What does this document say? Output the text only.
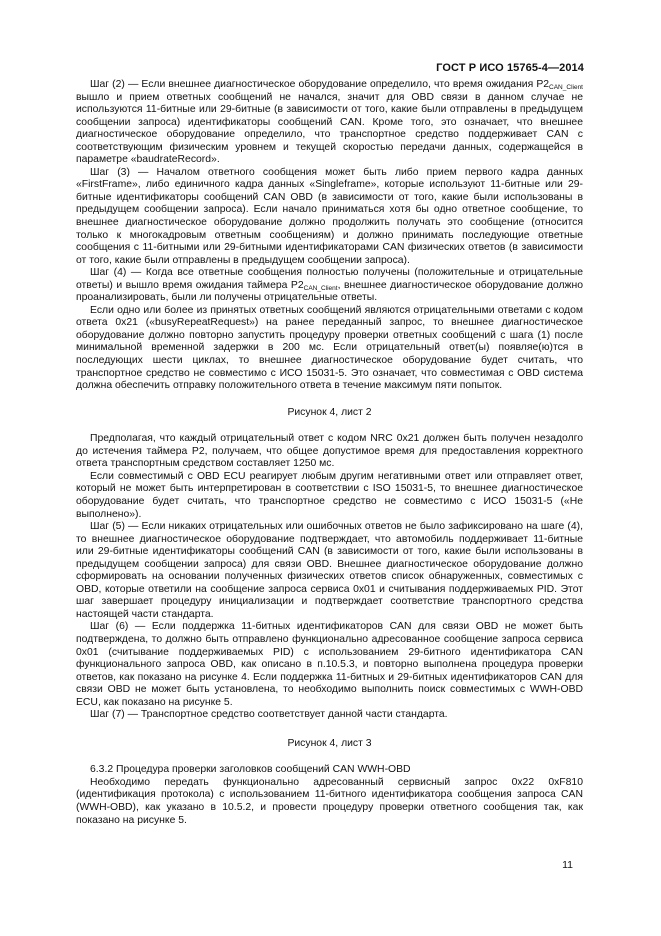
ГОСТ Р ИСО 15765-4—2014

Шаг (2) — Если внешнее диагностическое оборудование определило, что время ожидания $P2_{CAN\_Client}$ вышло и прием ответных сообщений не начался, значит для OBD связи в данном случае не используются 11-битные или 29-битные (в зависимости от того, какие были отправлены в предыдущем сообщении запроса) идентификаторы сообщений CAN. Кроме того, это означает, что внешнее диагностическое оборудование определило, что транспортное средство поддерживает CAN с соответствующим физическим уровнем и текущей скоростью передачи данных, содержащейся в параметре «baudrateRecord».

Шаг (3) — Началом ответного сообщения может быть либо прием первого кадра данных «FirstFrame», либо единичного кадра данных «Singleframe», которые используют 11-битные или 29-битные идентификаторы сообщений CAN OBD (в зависимости от того, какие были использованы в предыдущем сообщении запроса). Если начало приниматься хотя бы одно ответное сообщение, то внешнее диагностическое оборудование должно продолжить получать это сообщение (относится только к многокадровым ответным сообщениям) и должно принимать последующие ответные сообщения с 11-битными или 29-битными идентификаторами CAN физических ответов (в зависимости от того, какие были отправлены в предыдущем сообщении запроса).

Шаг (4) — Когда все ответные сообщения полностью получены (положительные и отрицательные ответы) и вышло время ожидания таймера $P2_{CAN\_Client}$, внешнее диагностическое оборудование должно проанализировать, были ли получены отрицательные ответы.

Если одно или более из принятых ответных сообщений являются отрицательными ответами с кодом ответа 0x21 («busyRepeatRequest») на ранее переданный запрос, то внешнее диагностическое оборудование должно повторно запустить процедуру проверки ответных сообщений с шага (1) после минимальной временной задержки в 200 мс. Если отрицательный ответ(ы) появляе(ю)тся в последующих шести циклах, то внешнее диагностическое оборудование будет считать, что транспортное средство не совместимо с ИСО 15031-5. Это означает, что совместимая с OBD система должна обеспечить отправку положительного ответа в течение максимум пяти попыток.

Рисунок 4, лист 2

Предполагая, что каждый отрицательный ответ с кодом NRC 0x21 должен быть получен незадолго до истечения таймера P2, получаем, что общее допустимое время для предоставления корректного ответа транспортным средством составляет 1250 мс.

Если совместимый с OBD ECU реагирует любым другим негативными ответ или отправляет ответ, который не может быть интерпретирован в соответствии с ISO 15031-5, то внешнее диагностическое оборудование будет считать, что транспортное средство не совместимо с ИСО 15031-5 («Не выполнено»).

Шаг (5) — Если никаких отрицательных или ошибочных ответов не было зафиксировано на шаге (4), то внешнее диагностическое оборудование подтверждает, что автомобиль поддерживает 11-битные или 29-битные идентификаторы сообщений CAN (в зависимости от того, какие были использованы в предыдущем сообщении запроса) для связи OBD. Внешнее диагностическое оборудование должно сформировать на основании полученных физических ответов список обнаруженных, совместимых с OBD, которые ответили на сообщение запроса сервиса 0x01 и считывания поддерживаемых PID. Этот шаг завершает процедуру инициализации и подтверждает соответствие транспортного средства настоящей части стандарта.

Шаг (6) — Если поддержка 11-битных идентификаторов CAN для связи OBD не может быть подтверждена, то должно быть отправлено функционально адресованное сообщение запроса сервиса 0x01 (считывание поддерживаемых PID) с использованием 29-битного идентификатора CAN функционального запроса OBD, как описано в п.10.5.3, и повторно выполнена процедура проверки ответов, как показано на рисунке 4. Если поддержка 11-битных и 29-битных идентификаторов CAN для связи OBD не может быть установлена, то необходимо выполнить поиск совместимых с WWH-OBD ECU, как показано на рисунке 5.

Шаг (7) — Транспортное средство соответствует данной части стандарта.

Рисунок 4, лист 3

6.3.2 Процедура проверки заголовков сообщений CAN WWH-OBD

Необходимо передать функционально адресованный сервисный запрос 0x22 0xF810 (идентификация протокола) с использованием 11-битного идентификатора сообщения запроса CAN (WWH-OBD), как указано в 10.5.2, и провести процедуру проверки ответного сообщения так, как показано на рисунке 5.

11
